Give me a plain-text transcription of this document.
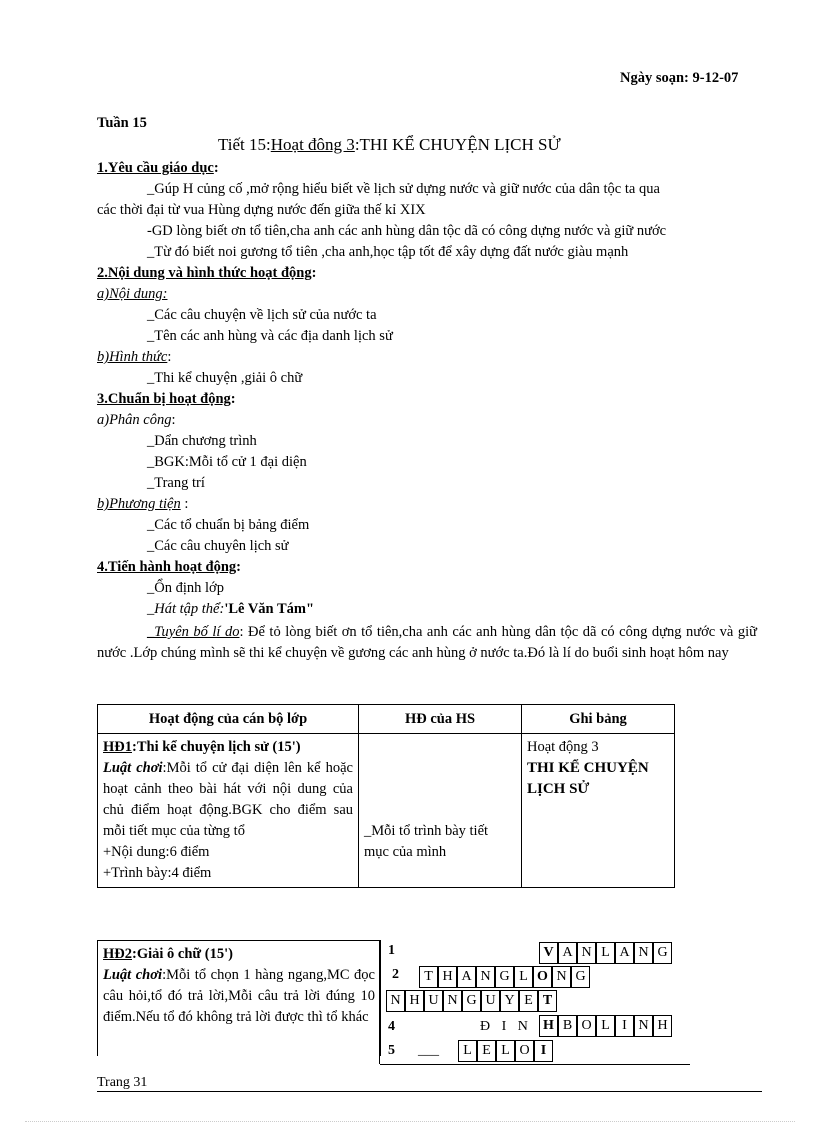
Ngày soạn: 9-12-07
Tuần 15
Tiết 15:Hoạt đông 3:THI KỂ CHUYỆN LỊCH SỬ
1.Yêu cầu giáo dục:
_Gúp H củng cố ,mở rộng hiểu biết về lịch sử dựng nước và giữ nước của dân tộc ta qua
các thời đại từ vua Hùng dựng nước đến giữa thế kỉ XIX
-GD lòng biết ơn tổ tiên,cha anh các anh hùng dân tộc dã có công dựng nước và giữ nước
_Từ đó biết noi gương tổ tiên ,cha anh,học tập tốt để xây dựng đất nước giàu mạnh
2.Nội dung và hình thức hoạt động:
a)Nội dung:
_Các câu chuyện về lịch sử của nước ta
_Tên các anh hùng và các địa danh lịch sử
b)Hình thức:
_Thi kể chuyện ,giải ô chữ
3.Chuẩn bị hoạt động:
a)Phân công:
_Dẩn chương trình
_BGK:Mỗi tổ cử 1 đại diện
_Trang trí
b)Phương tiện :
_Các tổ chuẩn bị bảng điểm
_Các câu chuyên lịch sử
4.Tiến hành hoạt động:
_Ổn định lớp
_Hát tập thể:'Lê Văn Tám"
_Tuyên bố lí do: Để tỏ lòng biết ơn tổ tiên,cha anh các anh hùng dân tộc dã có công dựng nước và giữ nước .Lớp chúng mình sẽ thi kể chuyện về gương các anh hùng ở nước ta.Đó là lí do buổi sinh hoạt hôm nay
Hoạt động của cán bộ lớp	HĐ của HS	Ghi bảng
HĐ1:Thi kể chuyện lịch sử (15')
Luật chơi:Mỗi tổ cử đại diện lên kể hoặc hoạt cảnh theo bài hát với nội dung của chủ điểm hoạt động.BGK cho điểm sau mỗi tiết mục của từng tổ
+Nội dung:6 điểm
+Trình bày:4 điểm	_Mỗi tổ trình bày tiết mục của mình	Hoạt động 3
THI KỂ CHUYỆN LỊCH SỬ
HĐ2:Giải ô chữ (15')
Luật chơi:Mỗi tổ chọn 1 hàng ngang,MC đọc câu hỏi,tổ đó trả lời,Mỗi câu trả lời đúng 10 điểm.Nếu tổ đó không trả lời được thì tổ khác
1
2
4
5 ___
Đ I N
Trang 31
V A N L A N G
T H A N G L O N G
N H U N G U Y E T
H B O L I N H
L E L O I
